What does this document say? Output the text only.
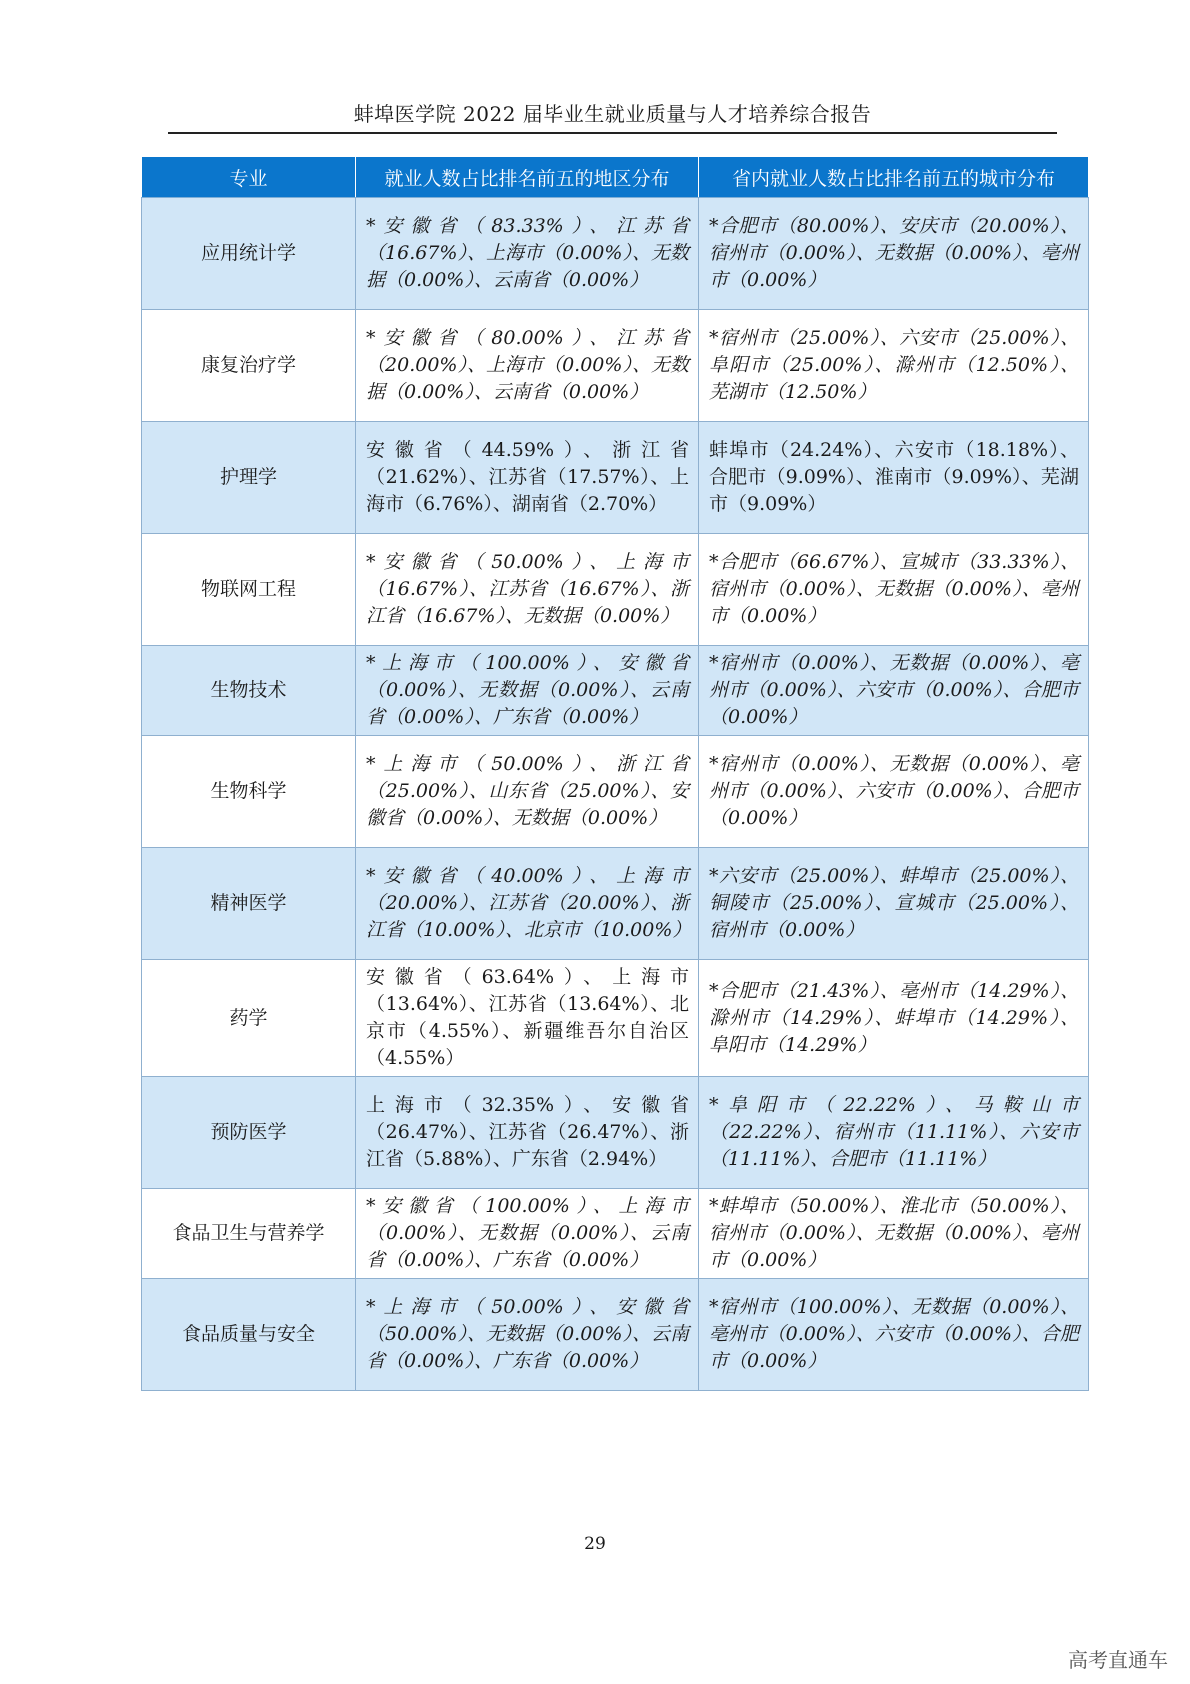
蚌埠医学院 2022 届毕业生就业质量与人才培养综合报告
专业	就业人数占比排名前五的地区分布	省内就业人数占比排名前五的城市分布
应用统计学	*安徽省（83.33%）、江苏省（16.67%）、上海市（0.00%）、无数据（0.00%）、云南省（0.00%）	*合肥市（80.00%）、安庆市（20.00%）、宿州市（0.00%）、无数据（0.00%）、亳州市（0.00%）
康复治疗学	*安徽省（80.00%）、江苏省（20.00%）、上海市（0.00%）、无数据（0.00%）、云南省（0.00%）	*宿州市（25.00%）、六安市（25.00%）、阜阳市（25.00%）、滁州市（12.50%）、芜湖市（12.50%）
护理学	安徽省（44.59%）、浙江省（21.62%）、江苏省（17.57%）、上海市（6.76%）、湖南省（2.70%）	蚌埠市（24.24%）、六安市（18.18%）、合肥市（9.09%）、淮南市（9.09%）、芜湖市（9.09%）
物联网工程	*安徽省（50.00%）、上海市（16.67%）、江苏省（16.67%）、浙江省（16.67%）、无数据（0.00%）	*合肥市（66.67%）、宣城市（33.33%）、宿州市（0.00%）、无数据（0.00%）、亳州市（0.00%）
生物技术	*上海市（100.00%）、安徽省（0.00%）、无数据（0.00%）、云南省（0.00%）、广东省（0.00%）	*宿州市（0.00%）、无数据（0.00%）、亳州市（0.00%）、六安市（0.00%）、合肥市（0.00%）
生物科学	*上海市（50.00%）、浙江省（25.00%）、山东省（25.00%）、安徽省（0.00%）、无数据（0.00%）	*宿州市（0.00%）、无数据（0.00%）、亳州市（0.00%）、六安市（0.00%）、合肥市（0.00%）
精神医学	*安徽省（40.00%）、上海市（20.00%）、江苏省（20.00%）、浙江省（10.00%）、北京市（10.00%）	*六安市（25.00%）、蚌埠市（25.00%）、铜陵市（25.00%）、宣城市（25.00%）、宿州市（0.00%）
药学	安徽省（63.64%）、上海市（13.64%）、江苏省（13.64%）、北京市（4.55%）、新疆维吾尔自治区（4.55%）	*合肥市（21.43%）、亳州市（14.29%）、滁州市（14.29%）、蚌埠市（14.29%）、阜阳市（14.29%）
预防医学	上海市（32.35%）、安徽省（26.47%）、江苏省（26.47%）、浙江省（5.88%）、广东省（2.94%）	*阜阳市（22.22%）、马鞍山市（22.22%）、宿州市（11.11%）、六安市（11.11%）、合肥市（11.11%）
食品卫生与营养学	*安徽省（100.00%）、上海市（0.00%）、无数据（0.00%）、云南省（0.00%）、广东省（0.00%）	*蚌埠市（50.00%）、淮北市（50.00%）、宿州市（0.00%）、无数据（0.00%）、亳州市（0.00%）
食品质量与安全	*上海市（50.00%）、安徽省（50.00%）、无数据（0.00%）、云南省（0.00%）、广东省（0.00%）	*宿州市（100.00%）、无数据（0.00%）、亳州市（0.00%）、六安市（0.00%）、合肥市（0.00%）
29
高考直通车
